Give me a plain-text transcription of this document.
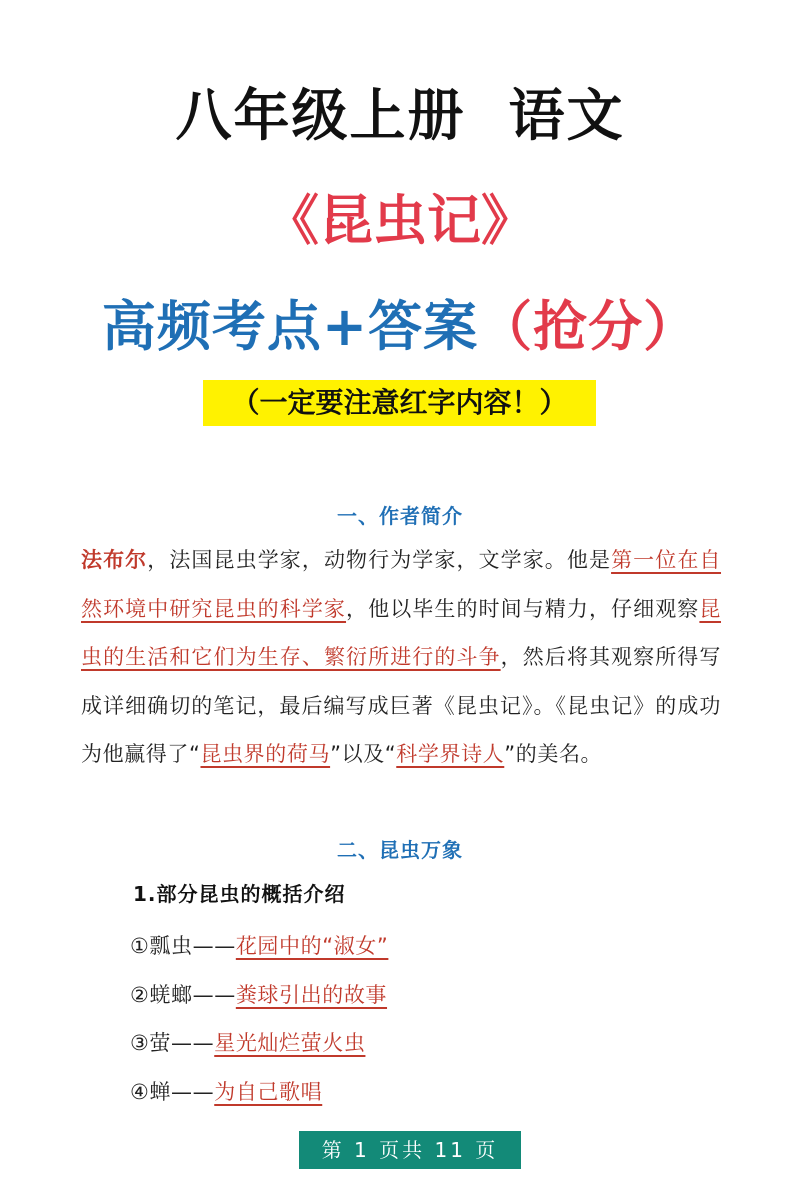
八年级上册  语文
《昆虫记》
高频考点+答案（抢分）
（一定要注意红字内容！）
一、作者简介
法布尔，法国昆虫学家，动物行为学家，文学家。他是第一位在自然环境中研究昆虫的科学家，他以毕生的时间与精力，仔细观察昆虫的生活和它们为生存、繁衍所进行的斗争，然后将其观察所得写成详细确切的笔记，最后编写成巨著《昆虫记》。《昆虫记》的成功为他赢得了“昆虫界的荷马”以及“科学界诗人”的美名。
二、昆虫万象
1.部分昆虫的概括介绍
①瓢虫——花园中的“淑女”
②蜣螂——粪球引出的故事
③萤——星光灿烂萤火虫
④蝉——为自己歌唱
第 1 页共 11 页
